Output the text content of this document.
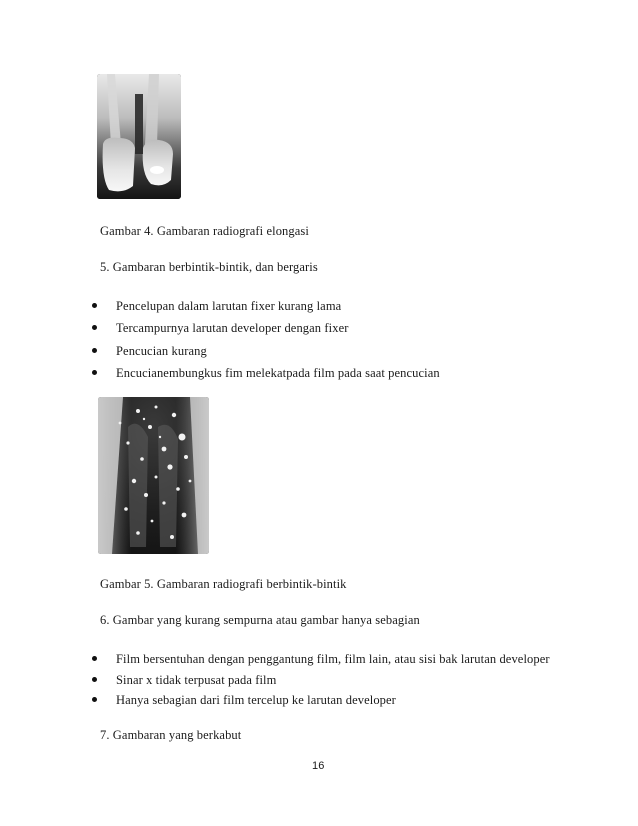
Gambar 4. Gambaran radiografi elongasi
5. Gambaran berbintik-bintik, dan bergaris
Pencelupan dalam larutan fixer kurang lama
Tercampurnya larutan developer dengan fixer
Pencucian kurang
Encucianembungkus fim melekatpada film pada saat pencucian
Gambar 5. Gambaran radiografi berbintik-bintik
6. Gambar yang kurang sempurna atau gambar hanya sebagian
Film bersentuhan dengan penggantung film, film lain, atau sisi bak larutan developer
Sinar x tidak terpusat pada film
Hanya sebagian dari film tercelup ke larutan developer
7. Gambaran yang berkabut
16
